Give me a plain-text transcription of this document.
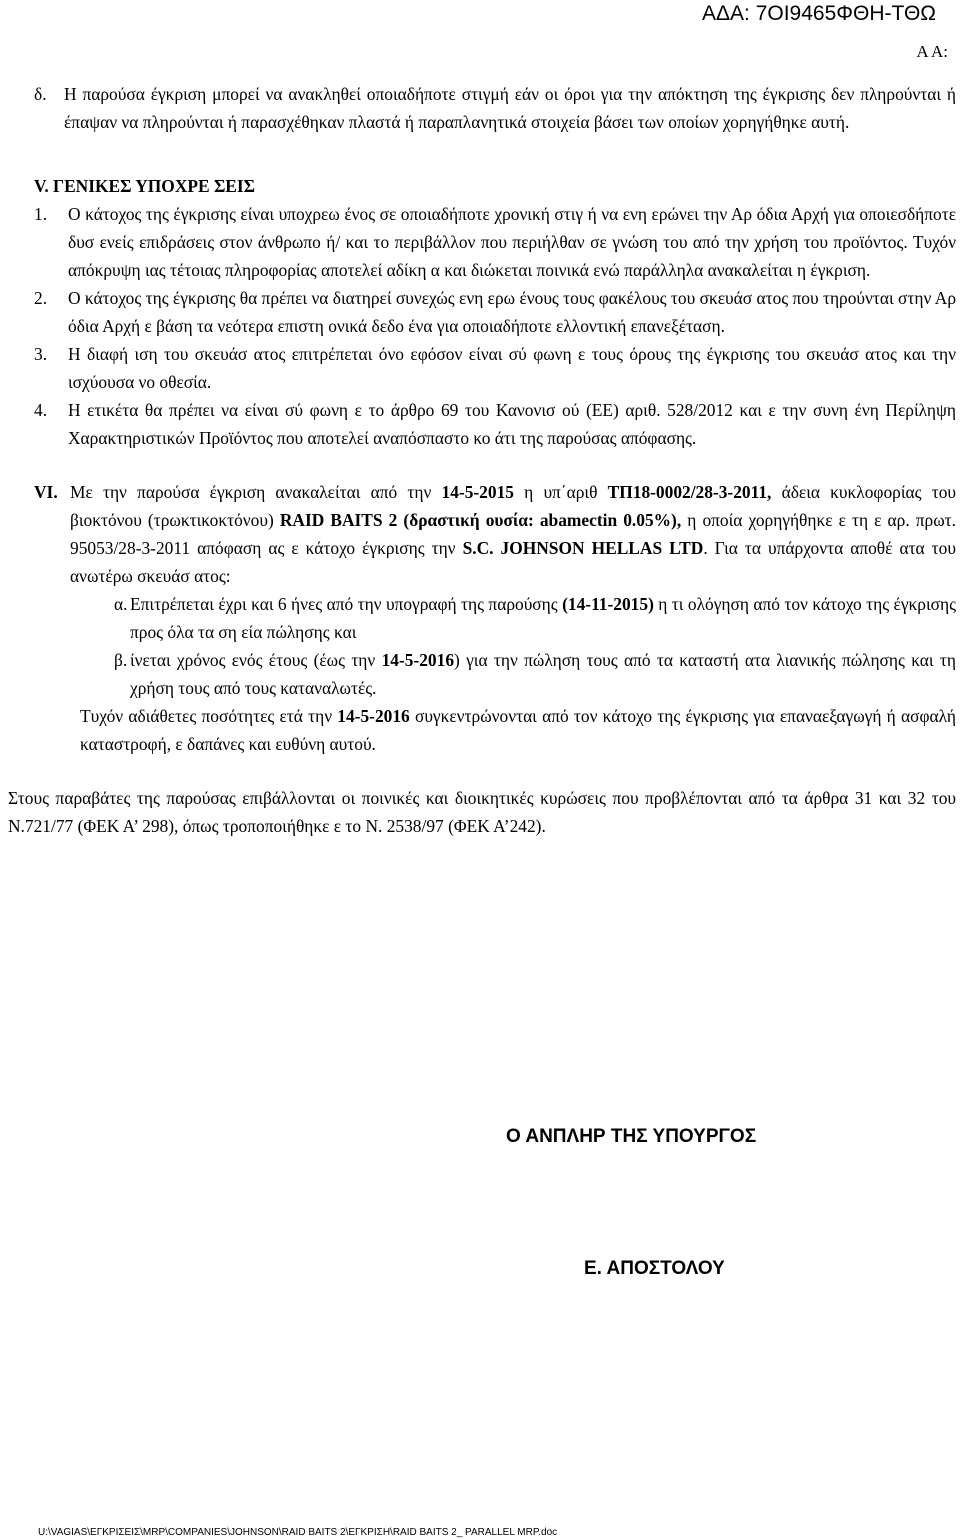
ΑΔΑ: 7ΟΙ9465ΦΘΗ-ΤΘΩ
Α Α:
δ.	Η παρούσα έγκριση μπορεί να ανακληθεί οποιαδήποτε στιγμή εάν οι όροι για την απόκτηση της έγκρισης δεν πληρούνται ή έπαψαν να πληρούνται ή παρασχέθηκαν πλαστά ή παραπλανητικά στοιχεία βάσει των οποίων χορηγήθηκε αυτή.
V. ΓΕΝΙΚΕΣ ΥΠΟΧΡΕ ΣΕΙΣ
1.	Ο κάτοχος της έγκρισης είναι υποχρεω ένος σε οποιαδήποτε χρονική στιγ ή να ενη ερώνει την Αρ όδια Αρχή για οποιεσδήποτε δυσ ενείς επιδράσεις στον άνθρωπο ή/ και το περιβάλλον που περιήλθαν σε γνώση του από την χρήση του προϊόντος. Τυχόν απόκρυψη ιας τέτοιας πληροφορίας αποτελεί αδίκη α και διώκεται ποινικά ενώ παράλληλα ανακαλείται η έγκριση.
2.	Ο κάτοχος της έγκρισης θα πρέπει να διατηρεί συνεχώς ενη ερω ένους τους φακέλους του σκευάσ ατος που τηρούνται στην Αρ όδια Αρχή ε βάση τα νεότερα επιστη ονικά δεδο ένα για οποιαδήποτε ελλοντική επανεξέταση.
3.	Η διαφή ιση του σκευάσ ατος επιτρέπεται όνο εφόσον είναι σύ φωνη ε τους όρους της έγκρισης του σκευάσ ατος και την ισχύουσα νο οθεσία.
4.	Η ετικέτα θα πρέπει να είναι σύ φωνη ε το άρθρο 69 του Κανονισ ού (ΕΕ) αριθ. 528/2012 και ε την συνη ένη Περίληψη Χαρακτηριστικών Προϊόντος που αποτελεί αναπόσπαστο κο άτι της παρούσας απόφασης.
VI. Με την παρούσα έγκριση ανακαλείται από την 14-5-2015 η υπ΄αριθ ΤΠ18-0002/28-3-2011, άδεια κυκλοφορίας του βιοκτόνου (τρωκτικοκτόνου) RAID BAITS 2 (δραστική ουσία: abamectin 0.05%), η οποία χορηγήθηκε ε τη ε αρ. πρωτ. 95053/28-3-2011 απόφαση ας ε κάτοχο έγκρισης την S.C. JOHNSON HELLAS LTD. Για τα υπάρχοντα αποθέ ατα του ανωτέρω σκευάσ ατος:
α. Επιτρέπεται έχρι και 6 ήνες από την υπογραφή της παρούσης (14-11-2015) η τι ολόγηση από τον κάτοχο της έγκρισης προς όλα τα ση εία πώλησης και
β. ίνεται χρόνος ενός έτους (έως την 14-5-2016) για την πώληση τους από τα καταστή ατα λιανικής πώλησης και τη χρήση τους από τους καταναλωτές.

Τυχόν αδιάθετες ποσότητες ετά την 14-5-2016 συγκεντρώνονται από τον κάτοχο της έγκρισης για επαναεξαγωγή ή ασφαλή καταστροφή, ε δαπάνες και ευθύνη αυτού.

Στους παραβάτες της παρούσας επιβάλλονται οι ποινικές και διοικητικές κυρώσεις που προβλέπονται από τα άρθρα 31 και 32 του Ν.721/77 (ΦΕΚ Α’ 298), όπως τροποποιήθηκε ε το Ν. 2538/97 (ΦΕΚ Α’242).

Ο ΑΝΠΛΗΡ ΤΗΣ ΥΠΟΥΡΓΟΣ
Ε. ΑΠΟΣΤΟΛΟΥ
U:\VAGIAS\ΕΓΚΡΙΣΕΙΣ\MRP\COMPANIES\JOHNSON\RAID BAITS 2\ΕΓΚΡΙΣΗ\RAID BAITS 2_ PARALLEL MRP.doc
